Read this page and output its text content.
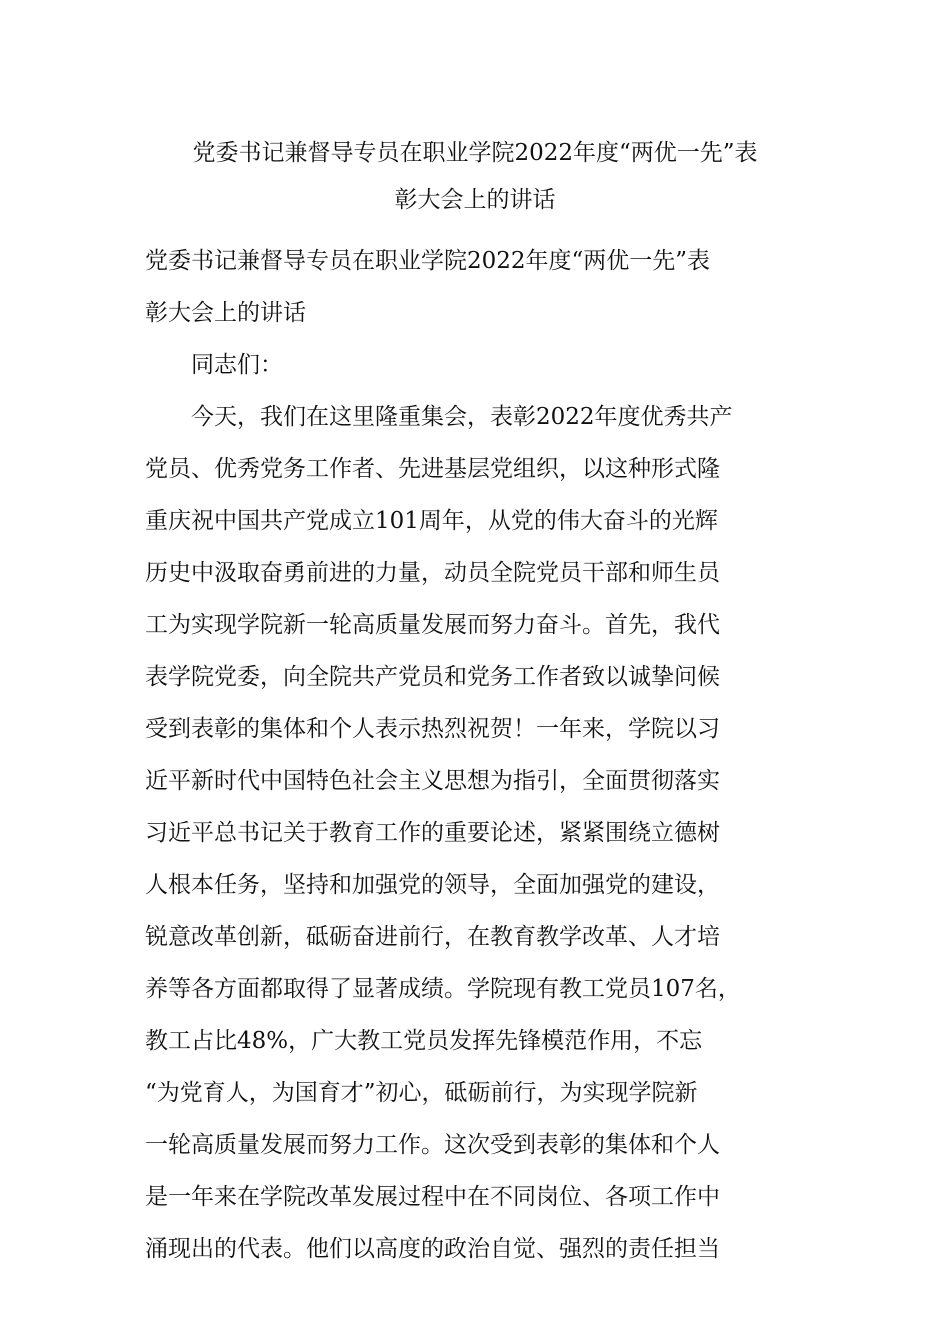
党委书记兼督导专员在职业学院2022年度“两优一先”表
彰大会上的讲话
党委书记兼督导专员在职业学院2022年度“两优一先”表
彰大会上的讲话
同志们：
今天，我们在这里隆重集会，表彰2022年度优秀共产
党员、优秀党务工作者、先进基层党组织，以这种形式隆
重庆祝中国共产党成立101周年，从党的伟大奋斗的光辉
历史中汲取奋勇前进的力量，动员全院党员干部和师生员
工为实现学院新一轮高质量发展而努力奋斗。首先，我代
表学院党委，向全院共产党员和党务工作者致以诚挚问候
受到表彰的集体和个人表示热烈祝贺！一年来，学院以习
近平新时代中国特色社会主义思想为指引，全面贯彻落实
习近平总书记关于教育工作的重要论述，紧紧围绕立德树
人根本任务，坚持和加强党的领导，全面加强党的建设，
锐意改革创新，砥砺奋进前行，在教育教学改革、人才培
养等各方面都取得了显著成绩。学院现有教工党员107名，
教工占比48%，广大教工党员发挥先锋模范作用，不忘
“为党育人，为国育才”初心，砥砺前行，为实现学院新
一轮高质量发展而努力工作。这次受到表彰的集体和个人
是一年来在学院改革发展过程中在不同岗位、各项工作中
涌现出的代表。他们以高度的政治自觉、强烈的责任担当
